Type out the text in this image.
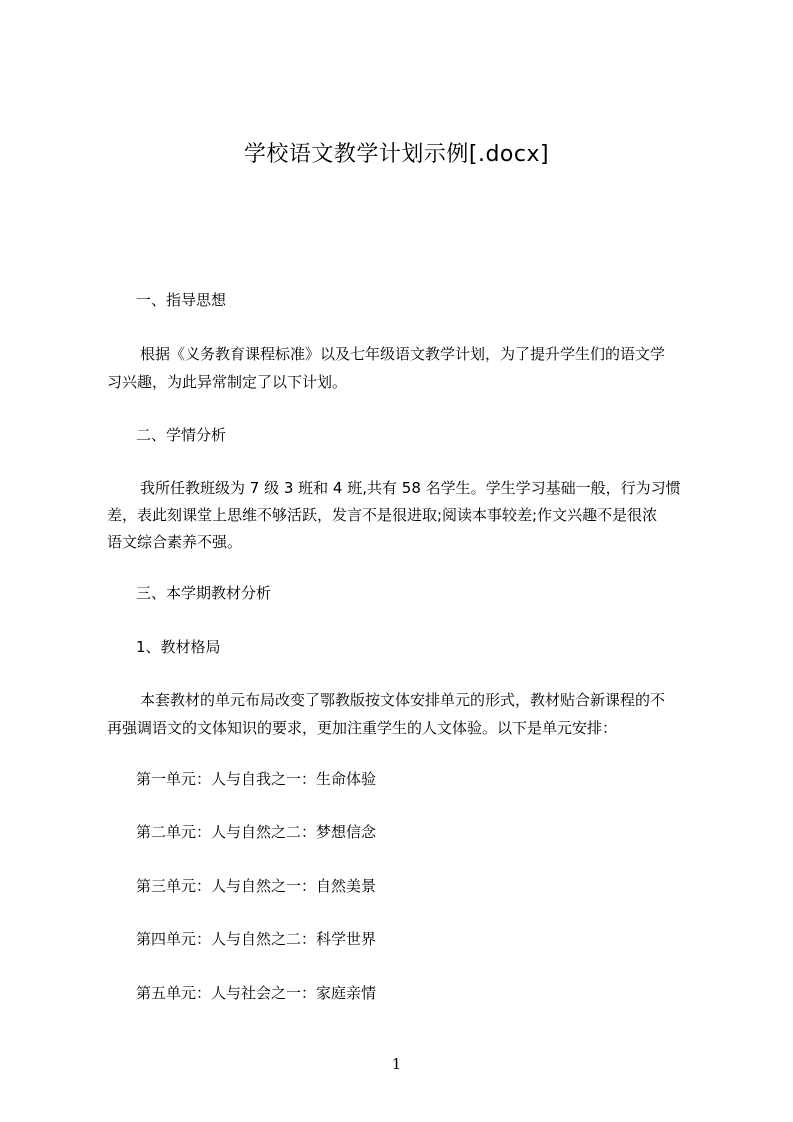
学校语文教学计划示例[.docx]
一、指导思想
根据《义务教育课程标准》以及七年级语文教学计划，为了提升学生们的语文学
习兴趣，为此异常制定了以下计划。
二、学情分析
我所任教班级为 7 级 3 班和 4 班,共有 58 名学生。学生学习基础一般，行为习惯
差，表此刻课堂上思维不够活跃，发言不是很进取;阅读本事较差;作文兴趣不是很浓
语文综合素养不强。
三、本学期教材分析
1、教材格局
本套教材的单元布局改变了鄂教版按文体安排单元的形式，教材贴合新课程的不
再强调语文的文体知识的要求，更加注重学生的人文体验。以下是单元安排：
第一单元：人与自我之一：生命体验
第二单元：人与自然之二：梦想信念
第三单元：人与自然之一：自然美景
第四单元：人与自然之二：科学世界
第五单元：人与社会之一：家庭亲情
1
